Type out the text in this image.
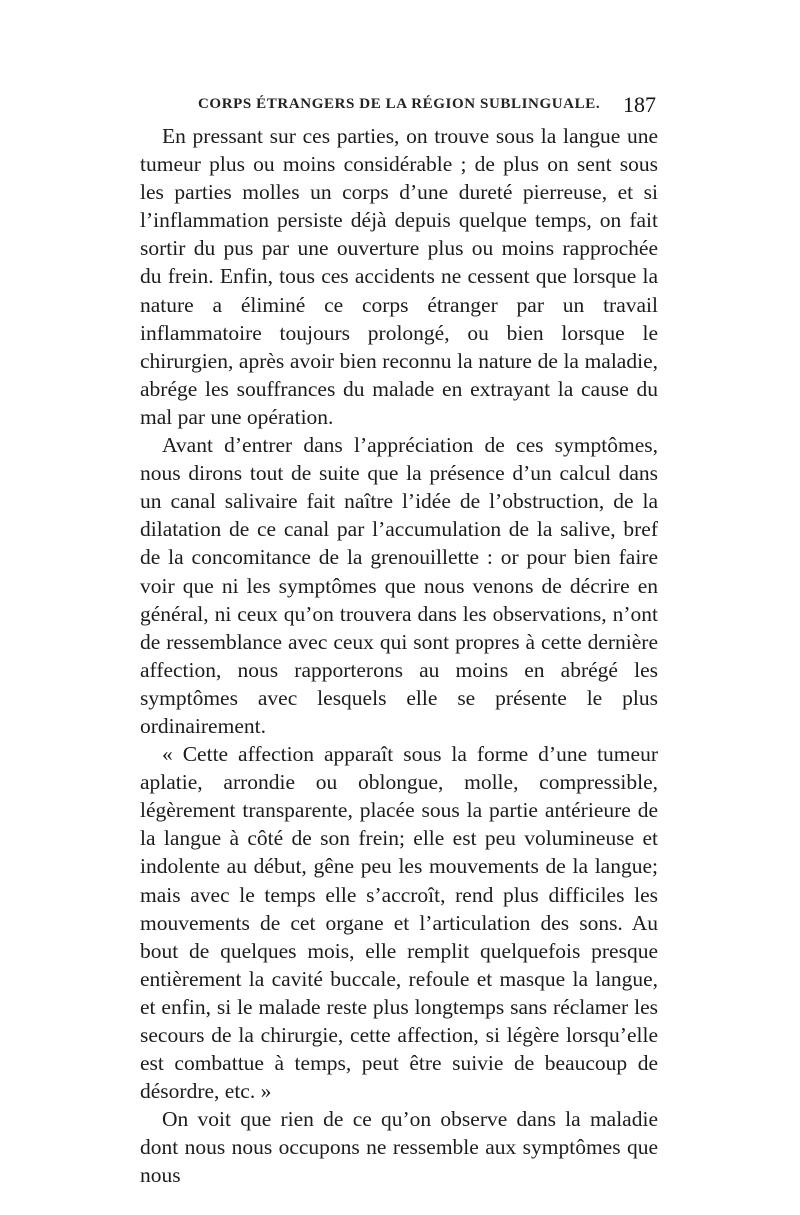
CORPS ÉTRANGERS DE LA RÉGION SUBLINGUALE. 187

En pressant sur ces parties, on trouve sous la langue une tumeur plus ou moins considérable ; de plus on sent sous les parties molles un corps d’une dureté pierreuse, et si l’inflammation persiste déjà depuis quelque temps, on fait sortir du pus par une ouverture plus ou moins rapprochée du frein. Enfin, tous ces accidents ne cessent que lorsque la nature a éliminé ce corps étranger par un travail inflammatoire toujours prolongé, ou bien lorsque le chirurgien, après avoir bien reconnu la nature de la maladie, abrége les souffrances du malade en extrayant la cause du mal par une opération.

Avant d’entrer dans l’appréciation de ces symptômes, nous dirons tout de suite que la présence d’un calcul dans un canal salivaire fait naître l’idée de l’obstruction, de la dilatation de ce canal par l’accumulation de la salive, bref de la concomitance de la grenouillette : or pour bien faire voir que ni les symptômes que nous venons de décrire en général, ni ceux qu’on trouvera dans les observations, n’ont de ressemblance avec ceux qui sont propres à cette dernière affection, nous rapporterons au moins en abrégé les symptômes avec lesquels elle se présente le plus ordinairement.

« Cette affection apparaît sous la forme d’une tumeur aplatie, arrondie ou oblongue, molle, compressible, légèrement transparente, placée sous la partie antérieure de la langue à côté de son frein; elle est peu volumineuse et indolente au début, gêne peu les mouvements de la langue; mais avec le temps elle s’accroît, rend plus difficiles les mouvements de cet organe et l’articulation des sons. Au bout de quelques mois, elle remplit quelquefois presque entièrement la cavité buccale, refoule et masque la langue, et enfin, si le malade reste plus longtemps sans réclamer les secours de la chirurgie, cette affection, si légère lorsqu’elle est combattue à temps, peut être suivie de beaucoup de désordre, etc. »

On voit que rien de ce qu’on observe dans la maladie dont nous nous occupons ne ressemble aux symptômes que nous
